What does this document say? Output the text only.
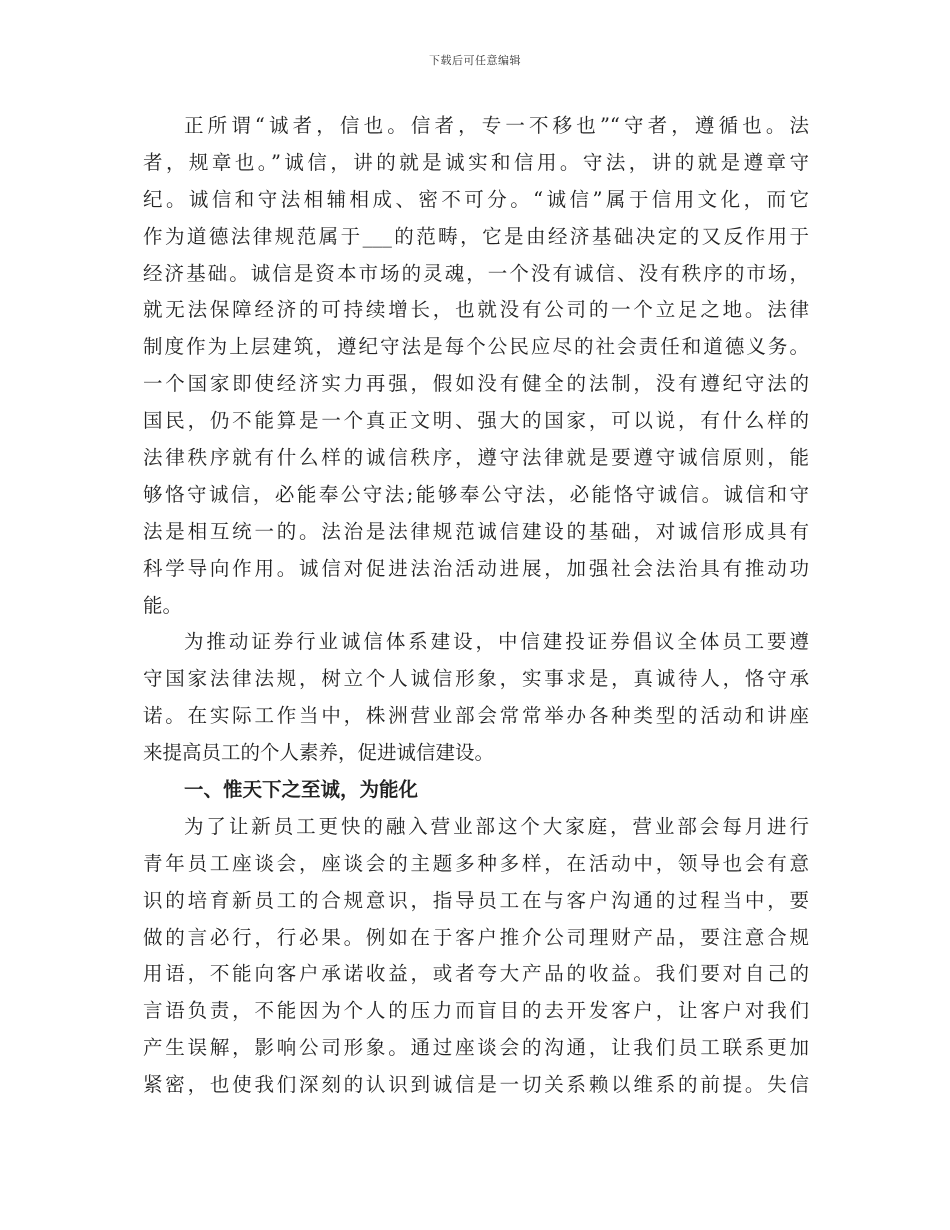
下载后可任意编辑
正所谓“诚者，信也。信者，专一不移也”“守者，遵循也。法
者，规章也。”诚信，讲的就是诚实和信用。守法，讲的就是遵章守
纪。诚信和守法相辅相成、密不可分。“诚信”属于信用文化，而它
作为道德法律规范属于___的范畴，它是由经济基础决定的又反作用于
经济基础。诚信是资本市场的灵魂，一个没有诚信、没有秩序的市场，
就无法保障经济的可持续增长，也就没有公司的一个立足之地。法律
制度作为上层建筑，遵纪守法是每个公民应尽的社会责任和道德义务。
一个国家即使经济实力再强，假如没有健全的法制，没有遵纪守法的
国民，仍不能算是一个真正文明、强大的国家，可以说，有什么样的
法律秩序就有什么样的诚信秩序，遵守法律就是要遵守诚信原则，能
够恪守诚信，必能奉公守法;能够奉公守法，必能恪守诚信。诚信和守
法是相互统一的。法治是法律规范诚信建设的基础，对诚信形成具有
科学导向作用。诚信对促进法治活动进展，加强社会法治具有推动功
能。
为推动证券行业诚信体系建设，中信建投证券倡议全体员工要遵
守国家法律法规，树立个人诚信形象，实事求是，真诚待人，恪守承
诺。在实际工作当中，株洲营业部会常常举办各种类型的活动和讲座
来提高员工的个人素养，促进诚信建设。
一、惟天下之至诚，为能化
为了让新员工更快的融入营业部这个大家庭，营业部会每月进行
青年员工座谈会，座谈会的主题多种多样，在活动中，领导也会有意
识的培育新员工的合规意识，指导员工在与客户沟通的过程当中，要
做的言必行，行必果。例如在于客户推介公司理财产品，要注意合规
用语，不能向客户承诺收益，或者夸大产品的收益。我们要对自己的
言语负责，不能因为个人的压力而盲目的去开发客户，让客户对我们
产生误解，影响公司形象。通过座谈会的沟通，让我们员工联系更加
紧密，也使我们深刻的认识到诚信是一切关系赖以维系的前提。失信
